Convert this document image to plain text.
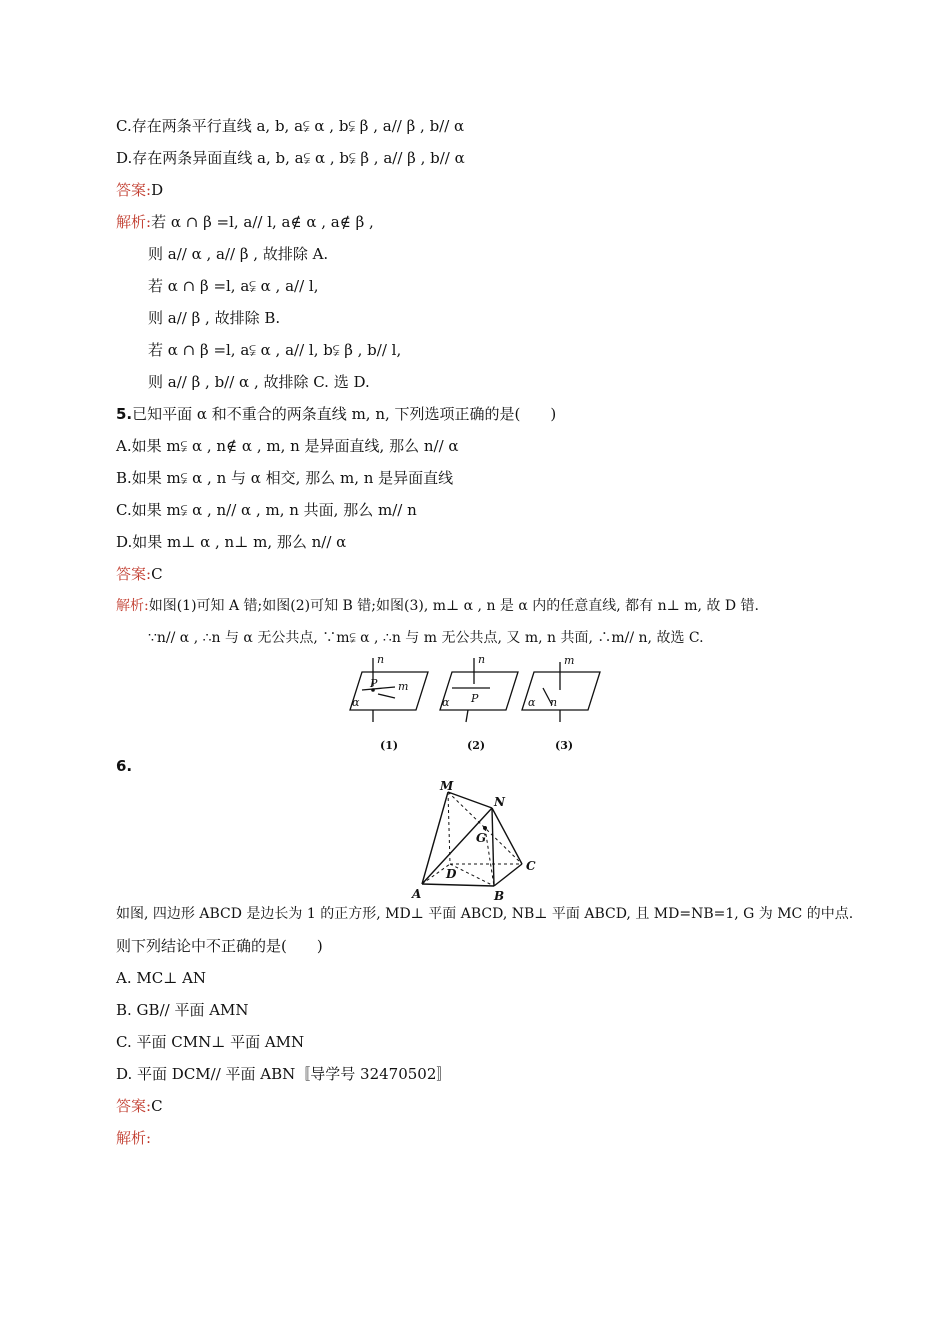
C.存在两条平行直线 a, b, a⫋ α , b⫋ β , a// β , b// α
D.存在两条异面直线 a, b, a⫋ α , b⫋ β , a// β , b// α
答案:D
解析:若 α ∩ β =l, a// l, a∉ α , a∉ β ,
则 a// α , a// β , 故排除 A.
若 α ∩ β =l, a⫋ α , a// l,
则 a// β , 故排除 B.
若 α ∩ β =l, a⫋ α , a// l, b⫋ β , b// l,
则 a// β , b// α , 故排除 C. 选 D.
5.已知平面 α 和不重合的两条直线 m, n, 下列选项正确的是(　　)
A.如果 m⫋ α , n∉ α , m, n 是异面直线, 那么 n// α
B.如果 m⫋ α , n 与 α 相交, 那么 m, n 是异面直线
C.如果 m⫋ α , n// α , m, n 共面, 那么 m// n
D.如果 m⊥ α , n⊥ m, 那么 n// α
答案:C
解析:如图(1)可知 A 错;如图(2)可知 B 错;如图(3), m⊥ α , n 是 α 内的任意直线, 都有 n⊥ m, 故 D 错.
∵n// α , ∴n 与 α 无公共点, ∵m⫋ α , ∴n 与 m 无公共点, 又 m, n 共面, ∴m// n, 故选 C.
n
P m
α
n
P
α
m
α n
(1)	(2)	(3)
6.
M
N
G
D
C
A	B
如图, 四边形 ABCD 是边长为 1 的正方形, MD⊥ 平面 ABCD, NB⊥ 平面 ABCD, 且 MD=NB=1, G 为 MC 的中点.
则下列结论中不正确的是(　　)
A. MC⊥ AN
B. GB// 平面 AMN
C. 平面 CMN⊥ 平面 AMN
D. 平面 DCM// 平面 ABN〚导学号 32470502〛
答案:C
解析:
